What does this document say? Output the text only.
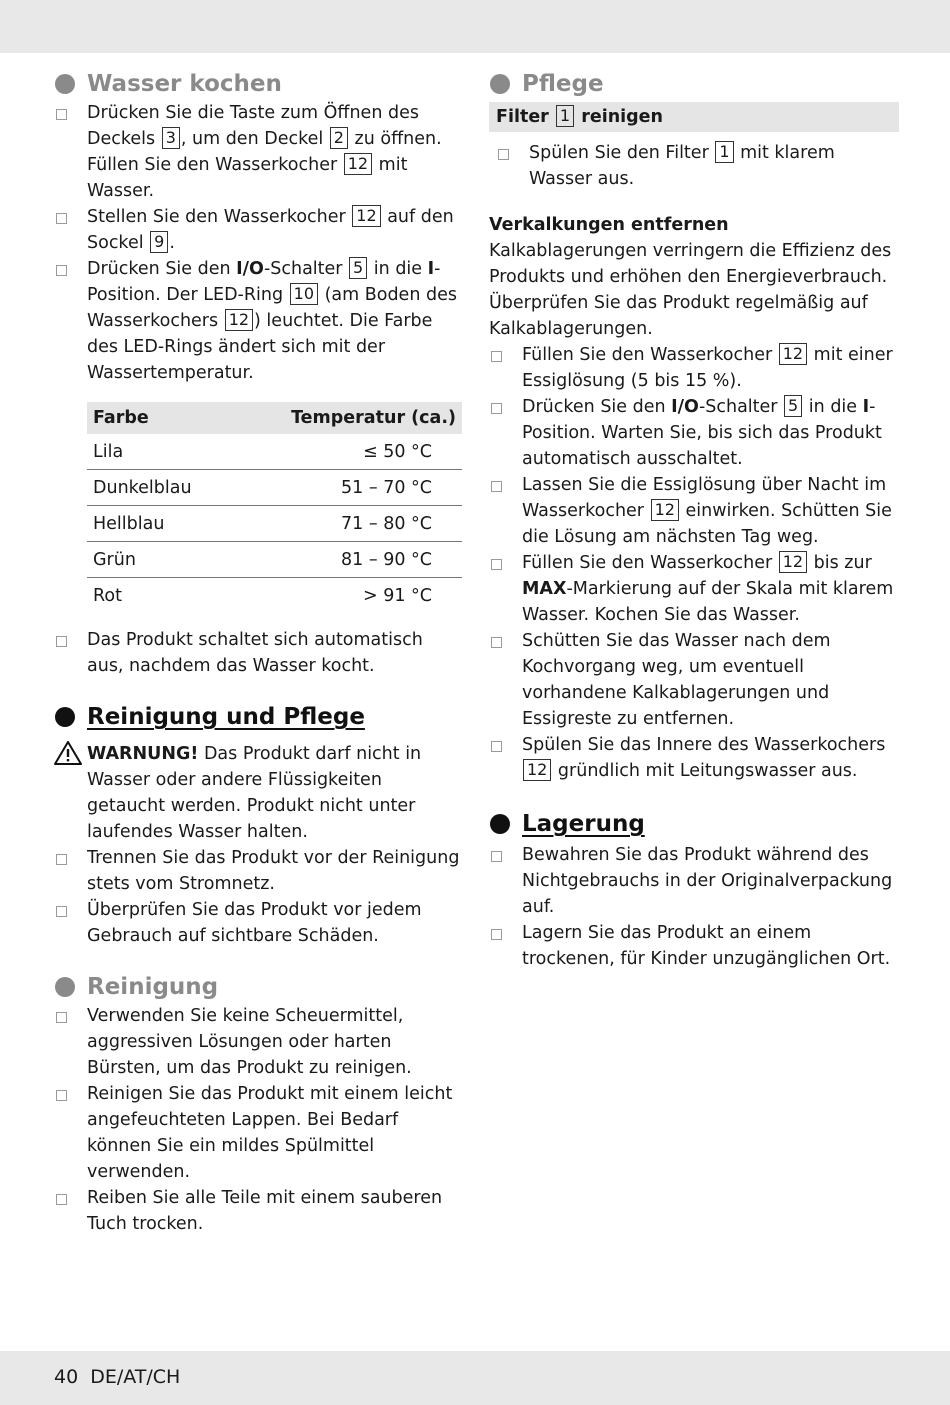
Wasser kochen
Drücken Sie die Taste zum Öffnen des Deckels 3 , um den Deckel 2 zu öffnen. Füllen Sie den Wasserkocher 12 mit Wasser.
Stellen Sie den Wasserkocher 12 auf den Sockel 9 .
Drücken Sie den I/O-Schalter 5 in die I-Position. Der LED-Ring 10 (am Boden des Wasserkochers 12 ) leuchtet. Die Farbe des LED-Rings ändert sich mit der Wassertemperatur.
Farbe	Temperatur (ca.)
Lila	≤ 50 °C
Dunkelblau	51 – 70 °C
Hellblau	71 – 80 °C
Grün	81 – 90 °C
Rot	> 91 °C
Das Produkt schaltet sich automatisch aus, nachdem das Wasser kocht.
Reinigung und Pflege
WARNUNG! Das Produkt darf nicht in Wasser oder andere Flüssigkeiten getaucht werden. Produkt nicht unter laufendes Wasser halten.
Trennen Sie das Produkt vor der Reinigung stets vom Stromnetz.
Überprüfen Sie das Produkt vor jedem Gebrauch auf sichtbare Schäden.
Reinigung
Verwenden Sie keine Scheuermittel, aggressiven Lösungen oder harten Bürsten, um das Produkt zu reinigen.
Reinigen Sie das Produkt mit einem leicht angefeuchteten Lappen. Bei Bedarf können Sie ein mildes Spülmittel verwenden.
Reiben Sie alle Teile mit einem sauberen Tuch trocken.
Pflege
Filter 1 reinigen
Spülen Sie den Filter 1 mit klarem Wasser aus.
Verkalkungen entfernen

Kalkablagerungen verringern die Effizienz des Produkts und erhöhen den Energieverbrauch. Überprüfen Sie das Produkt regelmäßig auf Kalkablagerungen.

Füllen Sie den Wasserkocher 12 mit einer Essiglösung (5 bis 15 %).
Drücken Sie den I/O-Schalter 5 in die I-Position. Warten Sie, bis sich das Produkt automatisch ausschaltet.
Lassen Sie die Essiglösung über Nacht im Wasserkocher 12 einwirken. Schütten Sie die Lösung am nächsten Tag weg.
Füllen Sie den Wasserkocher 12 bis zur MAX-Markierung auf der Skala mit klarem Wasser. Kochen Sie das Wasser.
Schütten Sie das Wasser nach dem Kochvorgang weg, um eventuell vorhandene Kalkablagerungen und Essigreste zu entfernen.
Spülen Sie das Innere des Wasserkochers 12 gründlich mit Leitungswasser aus.
Lagerung
Bewahren Sie das Produkt während des Nichtgebrauchs in der Originalverpackung auf.
Lagern Sie das Produkt an einem trockenen, für Kinder unzugänglichen Ort.
40 DE/AT/CH
